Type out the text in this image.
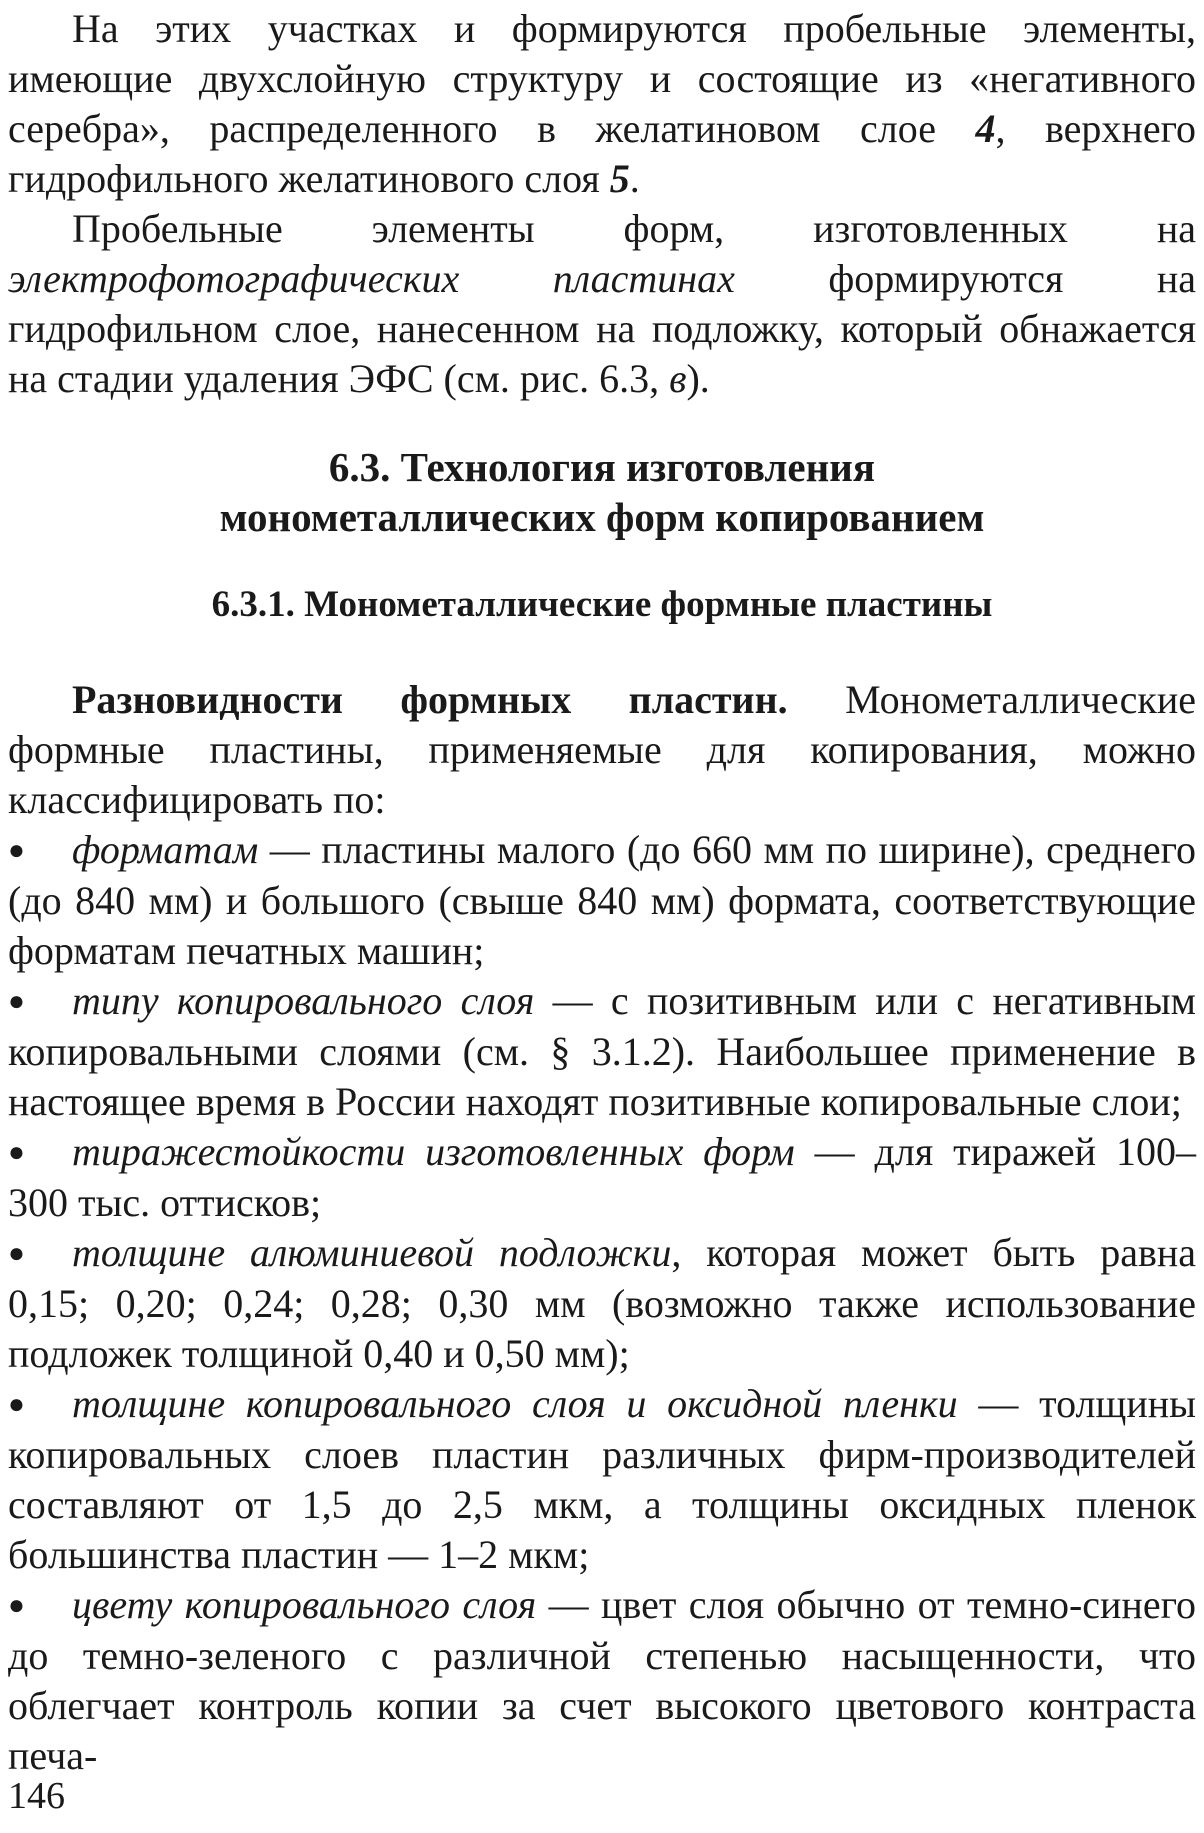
На этих участках и формируются пробельные элементы, имеющие двухслойную структуру и состоящие из «негативного серебра», распределенного в желатиновом слое 4, верхнего гидрофильного желатинового слоя 5.

Пробельные элементы форм, изготовленных на электрофотографических пластинах формируются на гидрофильном слое, нанесенном на подложку, который обнажается на стадии удаления ЭФС (см. рис. 6.3, в).

6.3. Технология изготовления
монометаллических форм копированием
6.3.1. Монометаллические формные пластины

Разновидности формных пластин. Монометаллические формные пластины, применяемые для копирования, можно классифицировать по:

● форматам — пластины малого (до 660 мм по ширине), среднего (до 840 мм) и большого (свыше 840 мм) формата, соответствующие форматам печатных машин;

● типу копировального слоя — с позитивным или с негативным копировальными слоями (см. § 3.1.2). Наибольшее применение в настоящее время в России находят позитивные копировальные слои;

● тиражестойкости изготовленных форм — для тиражей 100–300 тыс. оттисков;

● толщине алюминиевой подложки, которая может быть равна 0,15; 0,20; 0,24; 0,28; 0,30 мм (возможно также использование подложек толщиной 0,40 и 0,50 мм);

● толщине копировального слоя и оксидной пленки — толщины копировальных слоев пластин различных фирм-производителей составляют от 1,5 до 2,5 мкм, а толщины оксидных пленок большинства пластин — 1–2 мкм;

● цвету копировального слоя — цвет слоя обычно от темно-синего до темно-зеленого с различной степенью насыщенности, что облегчает контроль копии за счет высокого цветового контраста печа-

146
